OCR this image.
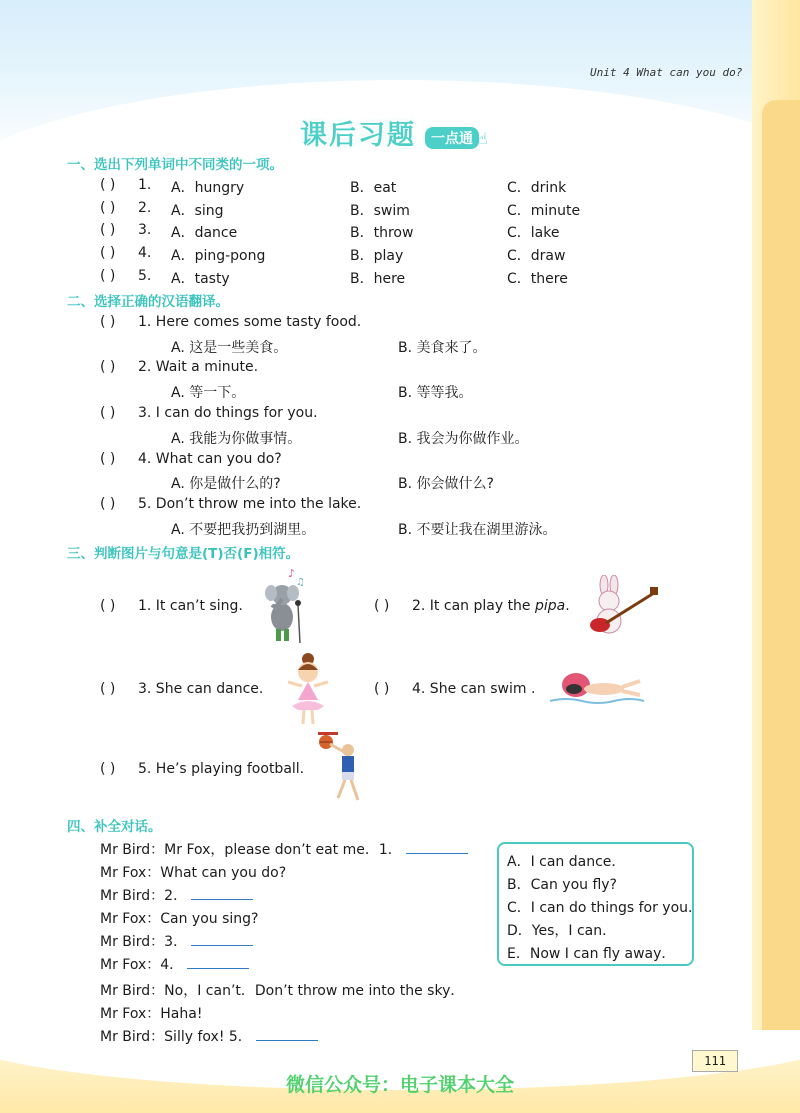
Unit 4 What can you do?
课后习题	一点通 ☝
一、选出下列单词中不同类的一项。
( ) 1. A．hungry	B．eat	C．drink
( ) 2. A．sing	B．swim	C．minute
( ) 3. A．dance	B．throw	C．lake
( ) 4. A．ping-pong	B．play	C．draw
( ) 5. A．tasty	B．here	C．there
二、选择正确的汉语翻译。
( ) 1. Here comes some tasty food.
A. 这是一些美食。	B. 美食来了。
( ) 2. Wait a minute.
A. 等一下。	B. 等等我。
( ) 3. I can do things for you.
A. 我能为你做事情。	B. 我会为你做作业。
( ) 4. What can you do?
A. 你是做什么的?	B. 你会做什么?
( ) 5. Don’t throw me into the lake.
A. 不要把我扔到湖里。	B. 不要让我在湖里游泳。
三、判断图片与句意是(T)否(F)相符。
( ) 1. It can’t sing.
♪
♫
( ) 2. It can play the pipa.
( ) 3. She can dance.	( ) 4. She can swim .
( ) 5. He’s playing football.
四、补全对话。
Mr Bird：Mr Fox，please don’t eat me．1．
Mr Fox：What can you do?
Mr Bird：2．
Mr Fox：Can you sing?
Mr Bird：3．
Mr Fox：4．
Mr Bird：No，I can’t．Don’t throw me into the sky．
Mr Fox：Haha!
Mr Bird：Silly fox! 5．
A．I can dance．
B．Can you fly?
C．I can do things for you．
D．Yes，I can．
E．Now I can fly away．
111
微信公众号：电子课本大全
